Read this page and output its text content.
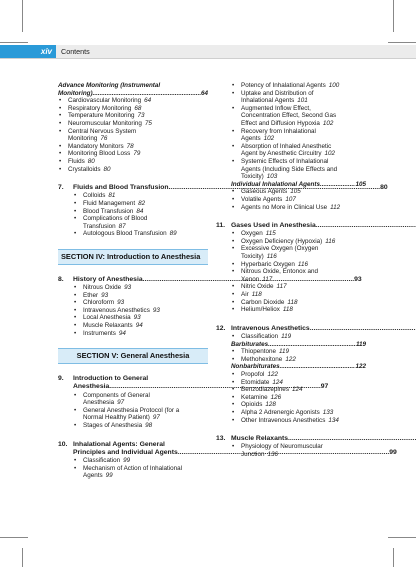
xiv	Contents
Advance Monitoring (Instrumental
Monitoring) .....	64
• Cardiovascular Monitoring 64
• Respiratory Monitoring 68
• Temperature Monitoring 73
• Neuromuscular Monitoring 75
• Central Nervous System
Monitoring 76
• Mandatory Monitors 78
• Monitoring Blood Loss 79
• Fluids 80
• Crystalloids 80
7.	Fluids and Blood Transfusion .....	80
• Colloids 81
• Fluid Management 82
• Blood Transfusion 84
• Complications of Blood
Transfusion 87
• Autologous Blood Transfusion 89
SECTION IV: Introduction to Anesthesia
8.	History of Anesthesia .....	93
• Nitrous Oxide 93
• Ether 93
• Chloroform 93
• Intravenous Anesthetics 93
• Local Anesthesia 93
• Muscle Relaxants 94
• Instruments 94
SECTION V: General Anesthesia
9.	Introduction to General
Anesthesia .....	97
• Components of General
Anesthesia 97
• General Anesthesia Protocol (for a
Normal Healthy Patient) 97
• Stages of Anesthesia 98
10. Inhalational Agents: General
Principles and Individual Agents .....	99
• Classification 99
• Mechanism of Action of Inhalational
Agents 99
• Potency of Inhalational Agents 100
• Uptake and Distribution of
Inhalational Agents 101
• Augmented Inflow Effect,
Concentration Effect, Second Gas
Effect and Diffusion Hypoxia 102
• Recovery from Inhalational
Agents 102
• Absorption of Inhaled Anesthetic
Agent by Anesthetic Circuitry 102
• Systemic Effects of Inhalational
Agents (Including Side Effects and
Toxicity) 103
Individual Inhalational Agents .....	105
• Gaseous Agents 105
• Volatile Agents 107
• Agents no More in Clinical Use 112
11. Gases Used in Anesthesia .....
• Oxygen 115
• Oxygen Deficiency (Hypoxia) 116
• Excessive Oxygen (Oxygen
Toxicity) 116
• Hyperbaric Oxygen 116
• Nitrous Oxide, Entonox and
Xenon 117
• Nitric Oxide 117
• Air 118
• Carbon Dioxide 118
• Helium/Heliox 118
12. Intravenous Anesthetics .....
• Classification 119
Barbiturates .....	119
• Thiopentone 119
• Methohexitone 122
Nonbarbiturates .....	122
• Propofol 122
• Etomidate 124
• Benzodiazepines 124
• Ketamine 126
• Opioids 128
• Alpha 2 Adrenergic Agonists 133
• Other Intravenous Anesthetics 134
13. Muscle Relaxants .....
• Physiology of Neuromuscular
Junction 136
